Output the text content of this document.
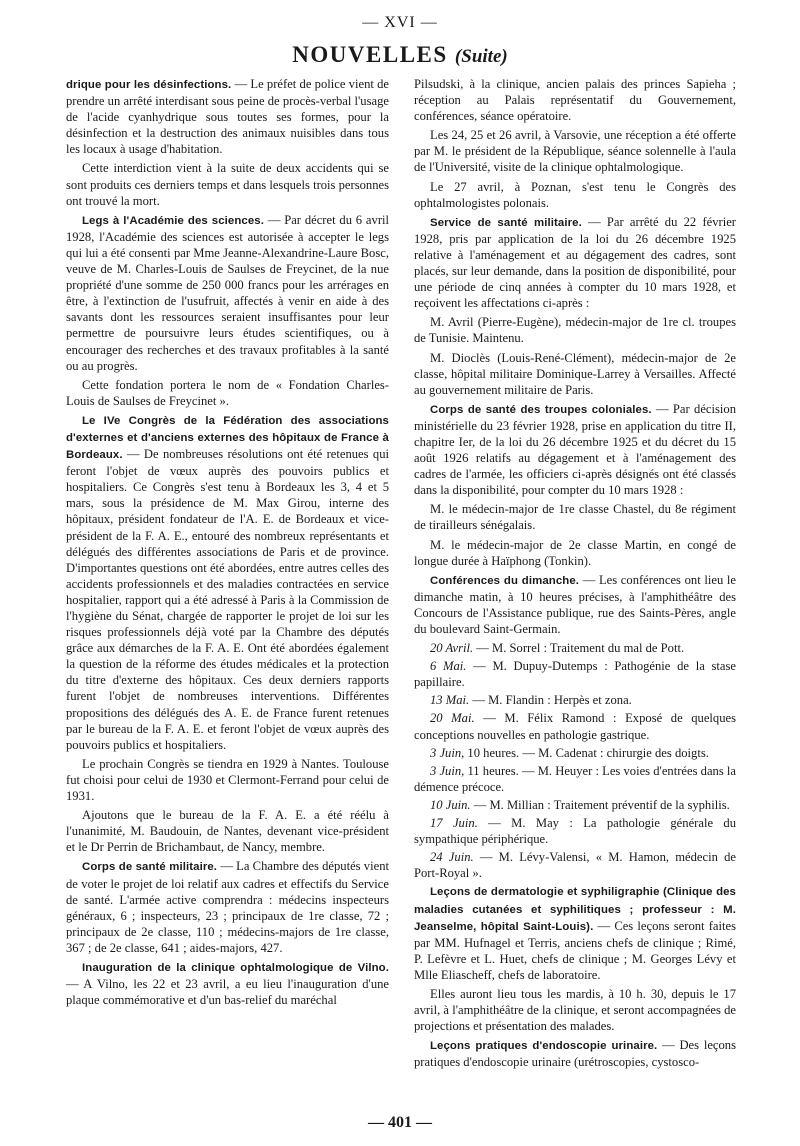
— XVI —
NOUVELLES (Suite)

drique pour les désinfections. — Le préfet de police vient de prendre un arrêté interdisant sous peine de procès-verbal l'usage de l'acide cyanhydrique sous toutes ses formes, pour la désinfection et la destruction des animaux nuisibles dans tous les locaux à usage d'habitation.

Cette interdiction vient à la suite de deux accidents qui se sont produits ces derniers temps et dans lesquels trois personnes ont trouvé la mort.

Legs à l'Académie des sciences. — Par décret du 6 avril 1928, l'Académie des sciences est autorisée à accepter le legs qui lui a été consenti par Mme Jeanne-Alexandrine-Laure Bosc, veuve de M. Charles-Louis de Saulses de Freycinet, de la nue propriété d'une somme de 250 000 francs pour les arrérages en être, à l'extinction de l'usufruit, affectés à venir en aide à des savants dont les ressources seraient insuffisantes pour leur permettre de poursuivre leurs études scientifiques, ou à encourager des recherches et des travaux profitables à la santé ou au progrès.

Cette fondation portera le nom de « Fondation Charles-Louis de Saulses de Freycinet ».

Le IVe Congrès de la Fédération des associations d'externes et d'anciens externes des hôpitaux de France à Bordeaux. — De nombreuses résolutions ont été retenues qui feront l'objet de vœux auprès des pouvoirs publics et hospitaliers. Ce Congrès s'est tenu à Bordeaux les 3, 4 et 5 mars, sous la présidence de M. Max Girou, interne des hôpitaux, président fondateur de l'A. E. de Bordeaux et vice-président de la F. A. E., entouré des nombreux représentants et délégués des différentes associations de Paris et de province. D'importantes questions ont été abordées, entre autres celles des accidents professionnels et des maladies contractées en service hospitalier, rapport qui a été adressé à Paris à la Commission de l'hygiène du Sénat, chargée de rapporter le projet de loi sur les risques professionnels déjà voté par la Chambre des députés grâce aux démarches de la F. A. E. Ont été abordées également la question de la réforme des études médicales et la protection du titre d'externe des hôpitaux. Ces deux derniers rapports furent l'objet de nombreuses interventions. Différentes propositions des délégués des A. E. de France furent retenues par le bureau de la F. A. E. et feront l'objet de vœux auprès des pouvoirs publics et hospitaliers.

Le prochain Congrès se tiendra en 1929 à Nantes. Toulouse fut choisi pour celui de 1930 et Clermont-Ferrand pour celui de 1931.

Ajoutons que le bureau de la F. A. E. a été réélu à l'unanimité, M. Baudouin, de Nantes, devenant vice-président et le Dr Perrin de Brichambaut, de Nancy, membre.

Corps de santé militaire. — La Chambre des députés vient de voter le projet de loi relatif aux cadres et effectifs du Service de santé. L'armée active comprendra : médecins inspecteurs généraux, 6 ; inspecteurs, 23 ; principaux de 1re classe, 72 ; principaux de 2e classe, 110 ; médecins-majors de 1re classe, 367 ; de 2e classe, 641 ; aides-majors, 427.

Inauguration de la clinique ophtalmologique de Vilno. — A Vilno, les 22 et 23 avril, a eu lieu l'inauguration d'une plaque commémorative et d'un bas-relief du maréchal

Pilsudski, à la clinique, ancien palais des princes Sapieha ; réception au Palais représentatif du Gouvernement, conférences, séance opératoire.

Les 24, 25 et 26 avril, à Varsovie, une réception a été offerte par M. le président de la République, séance solennelle à l'aula de l'Université, visite de la clinique ophtalmologique.

Le 27 avril, à Poznan, s'est tenu le Congrès des ophtalmologistes polonais.

Service de santé militaire. — Par arrêté du 22 février 1928, pris par application de la loi du 26 décembre 1925 relative à l'aménagement et au dégagement des cadres, sont placés, sur leur demande, dans la position de disponibilité, pour une période de cinq années à compter du 10 mars 1928, et reçoivent les affectations ci-après :

M. Avril (Pierre-Eugène), médecin-major de 1re cl. troupes de Tunisie. Maintenu.

M. Dioclès (Louis-René-Clément), médecin-major de 2e classe, hôpital militaire Dominique-Larrey à Versailles. Affecté au gouvernement militaire de Paris.

Corps de santé des troupes coloniales. — Par décision ministérielle du 23 février 1928, prise en application du titre II, chapitre Ier, de la loi du 26 décembre 1925 et du décret du 15 août 1926 relatifs au dégagement et à l'aménagement des cadres de l'armée, les officiers ci-après désignés ont été classés dans la disponibilité, pour compter du 10 mars 1928 :

M. le médecin-major de 1re classe Chastel, du 8e régiment de tirailleurs sénégalais.

M. le médecin-major de 2e classe Martin, en congé de longue durée à Haïphong (Tonkin).

Conférences du dimanche. — Les conférences ont lieu le dimanche matin, à 10 heures précises, à l'amphithéâtre des Concours de l'Assistance publique, rue des Saints-Pères, angle du boulevard Saint-Germain.

20 Avril. — M. Sorrel : Traitement du mal de Pott.

6 Mai. — M. Dupuy-Dutemps : Pathogénie de la stase papillaire.

13 Mai. — M. Flandin : Herpès et zona.

20 Mai. — M. Félix Ramond : Exposé de quelques conceptions nouvelles en pathologie gastrique.

3 Juin, 10 heures. — M. Cadenat : chirurgie des doigts.

3 Juin, 11 heures. — M. Heuyer : Les voies d'entrées dans la démence précoce.

10 Juin. — M. Millian : Traitement préventif de la syphilis.

17 Juin. — M. May : La pathologie générale du sympathique périphérique.

24 Juin. — M. Lévy-Valensi, « M. Hamon, médecin de Port-Royal ».

Leçons de dermatologie et syphiligraphie (Clinique des maladies cutanées et syphilitiques ; professeur : M. Jeanselme, hôpital Saint-Louis). — Ces leçons seront faites par MM. Hufnagel et Terris, anciens chefs de clinique ; Rimé, P. Lefèvre et L. Huet, chefs de clinique ; M. Georges Lévy et Mlle Eliascheff, chefs de laboratoire.

Elles auront lieu tous les mardis, à 10 h. 30, depuis le 17 avril, à l'amphithéâtre de la clinique, et seront accompagnées de projections et présentation des malades.

Leçons pratiques d'endoscopie urinaire. — Des leçons pratiques d'endoscopie urinaire (urétroscopies, cystosco-

— 401 —
